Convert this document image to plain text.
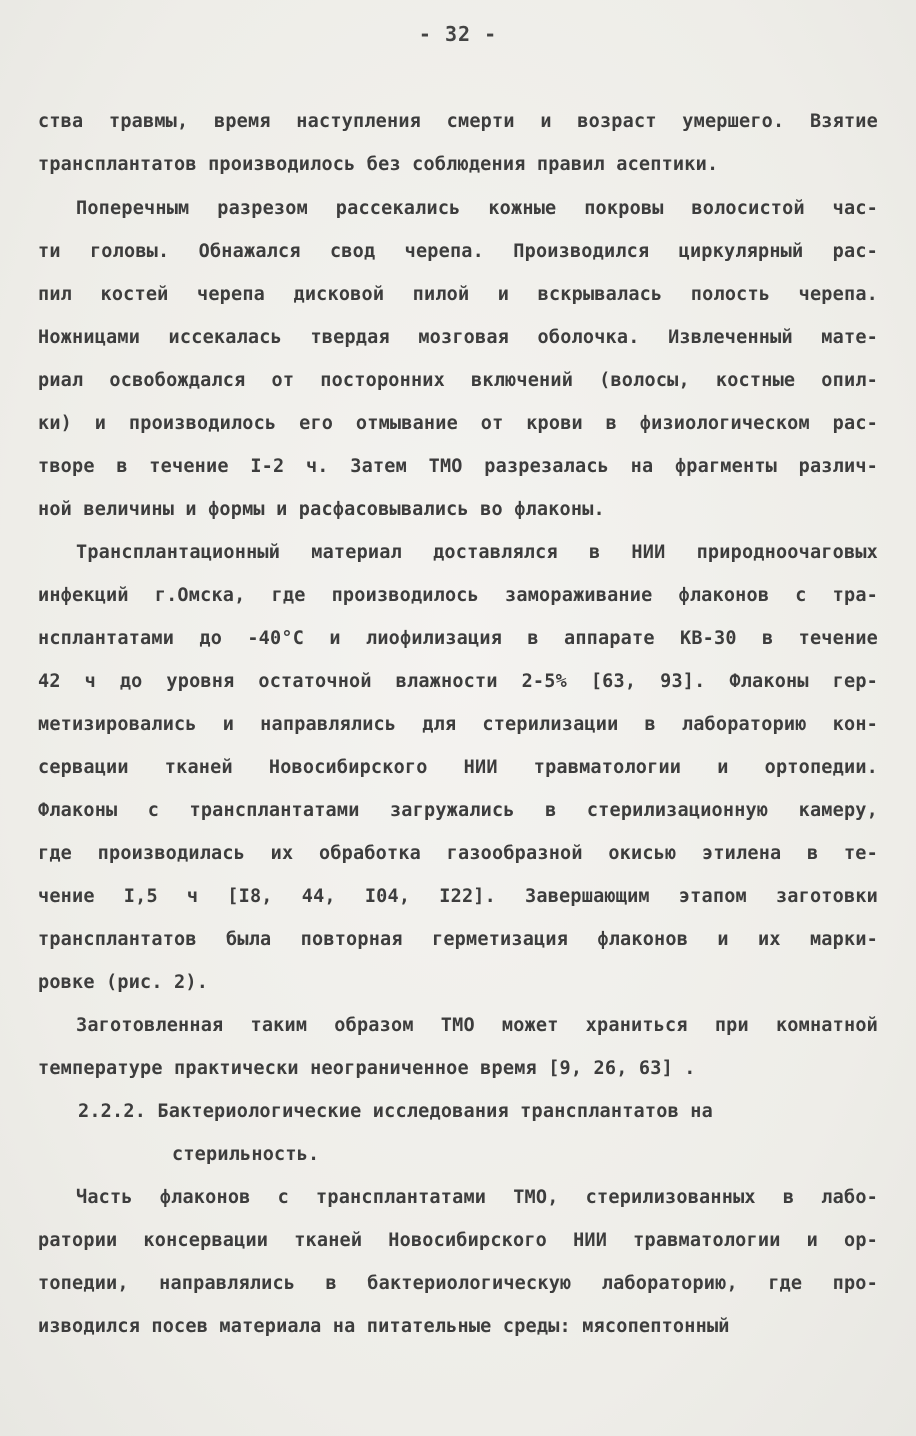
- 32 -
ства травмы, время наступления смерти и возраст умершего. Взятие
трансплантатов производилось без соблюдения правил асептики.
Поперечным разрезом рассекались кожные покровы волосистой час-
ти головы. Обнажался свод черепа. Производился циркулярный рас-
пил костей черепа дисковой пилой и вскрывалась полость черепа.
Ножницами иссекалась твердая мозговая оболочка. Извлеченный мате-
риал освобождался от посторонних включений (волосы, костные опил-
ки) и производилось его отмывание от крови в физиологическом рас-
творе в течение I-2 ч. Затем ТМО разрезалась на фрагменты различ-
ной величины и формы и расфасовывались во флаконы.
Трансплантационный материал доставлялся в НИИ природноочаговых
инфекций г.Омска, где производилось замораживание флаконов с тра-
нсплантатами до -40°С и лиофилизация в аппарате КВ-30 в течение
42 ч до уровня остаточной влажности 2-5% [63, 93]. Флаконы гер-
метизировались и направлялись для стерилизации в лабораторию кон-
сервации тканей Новосибирского НИИ травматологии и ортопедии.
Флаконы с трансплантатами загружались в стерилизационную камеру,
где производилась их обработка газообразной окисью этилена в те-
чение I,5 ч [I8, 44, I04, I22]. Завершающим этапом заготовки
трансплантатов была повторная герметизация флаконов и их марки-
ровке (рис. 2).
Заготовленная таким образом ТМО может храниться при комнатной
температуре практически неограниченное время [9, 26, 63] .
2.2.2. Бактериологические исследования трансплантатов на
стерильность.
Часть флаконов с трансплантатами ТМО, стерилизованных в лабо-
ратории консервации тканей Новосибирского НИИ травматологии и ор-
топедии, направлялись в бактериологическую лабораторию, где про-
изводился посев материала на питательные среды: мясопептонный
